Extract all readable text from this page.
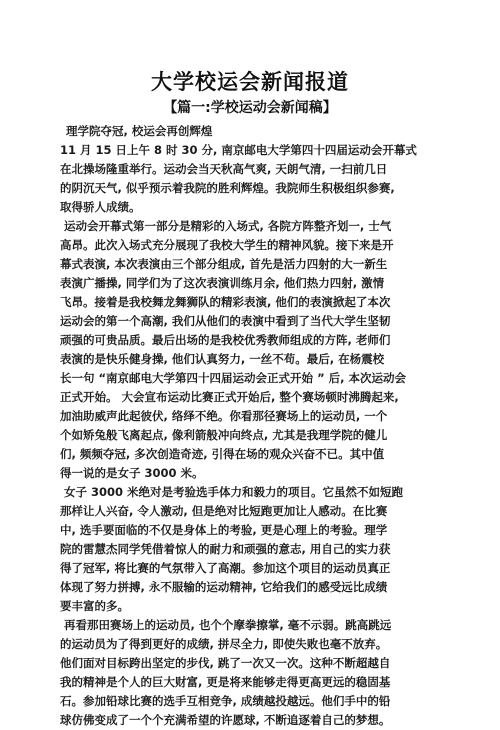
大学校运会新闻报道
【篇一:学校运动会新闻稿】
理学院夺冠, 校运会再创辉煌
11 月 15 日上午 8 时 30 分, 南京邮电大学第四十四届运动会开幕式
在北操场隆重举行。运动会当天秋高气爽, 天朗气清, 一扫前几日
的阴沉天气, 似乎预示着我院的胜利辉煌。我院师生积极组织参赛,
取得骄人成绩。
运动会开幕式第一部分是精彩的入场式, 各院方阵整齐划一, 士气
高昂。此次入场式充分展现了我校大学生的精神风貌。接下来是开
幕式表演, 本次表演由三个部分组成, 首先是活力四射的大一新生
表演广播操, 同学们为了这次表演训练月余, 他们热力四射, 激情
飞昂。接着是我校舞龙舞狮队的精彩表演, 他们的表演掀起了本次
运动会的第一个高潮, 我们从他们的表演中看到了当代大学生坚韧
顽强的可贵品质。最后出场的是我校优秀教师组成的方阵, 老师们
表演的是快乐健身操, 他们认真努力, 一丝不苟。最后, 在杨震校
长一句 “南京邮电大学第四十四届运动会正式开始 ” 后, 本次运动会
正式开始。 大会宣布运动比赛正式开始后, 整个赛场顿时沸腾起来,
加油助威声此起彼伏, 络绎不绝。你看那径赛场上的运动员, 一个
个如矫兔般飞离起点, 像利箭般冲向终点, 尤其是我理学院的健儿
们, 频频夺冠, 多次创造奇迹, 引得在场的观众兴奋不已。其中值
得一说的是女子 3000 米。
女子 3000 米绝对是考验选手体力和毅力的项目。它虽然不如短跑
那样让人兴奋, 令人激动, 但是绝对比短跑更加让人感动。在比赛
中, 选手要面临的不仅是身体上的考验, 更是心理上的考验。理学
院的雷慧杰同学凭借着惊人的耐力和顽强的意志, 用自己的实力获
得了冠军, 将比赛的气氛带入了高潮。参加这个项目的运动员真正
体现了努力拼搏, 永不服输的运动精神, 它给我们的感受远比成绩
要丰富的多。
再看那田赛场上的运动员, 也个个摩拳擦掌, 毫不示弱。跳高跳远
的运动员为了得到更好的成绩, 拼尽全力, 即使失败也毫不放弃。
他们面对目标跨出坚定的步伐, 跳了一次又一次。这种不断超越自
我的精神是个人的巨大财富, 更是将来能够走得更高更远的稳固基
石。参加铅球比赛的选手互相竞争, 成绩越投越远。他们手中的铅
球仿佛变成了一个个充满希望的许愿球, 不断追逐着自己的梦想。
